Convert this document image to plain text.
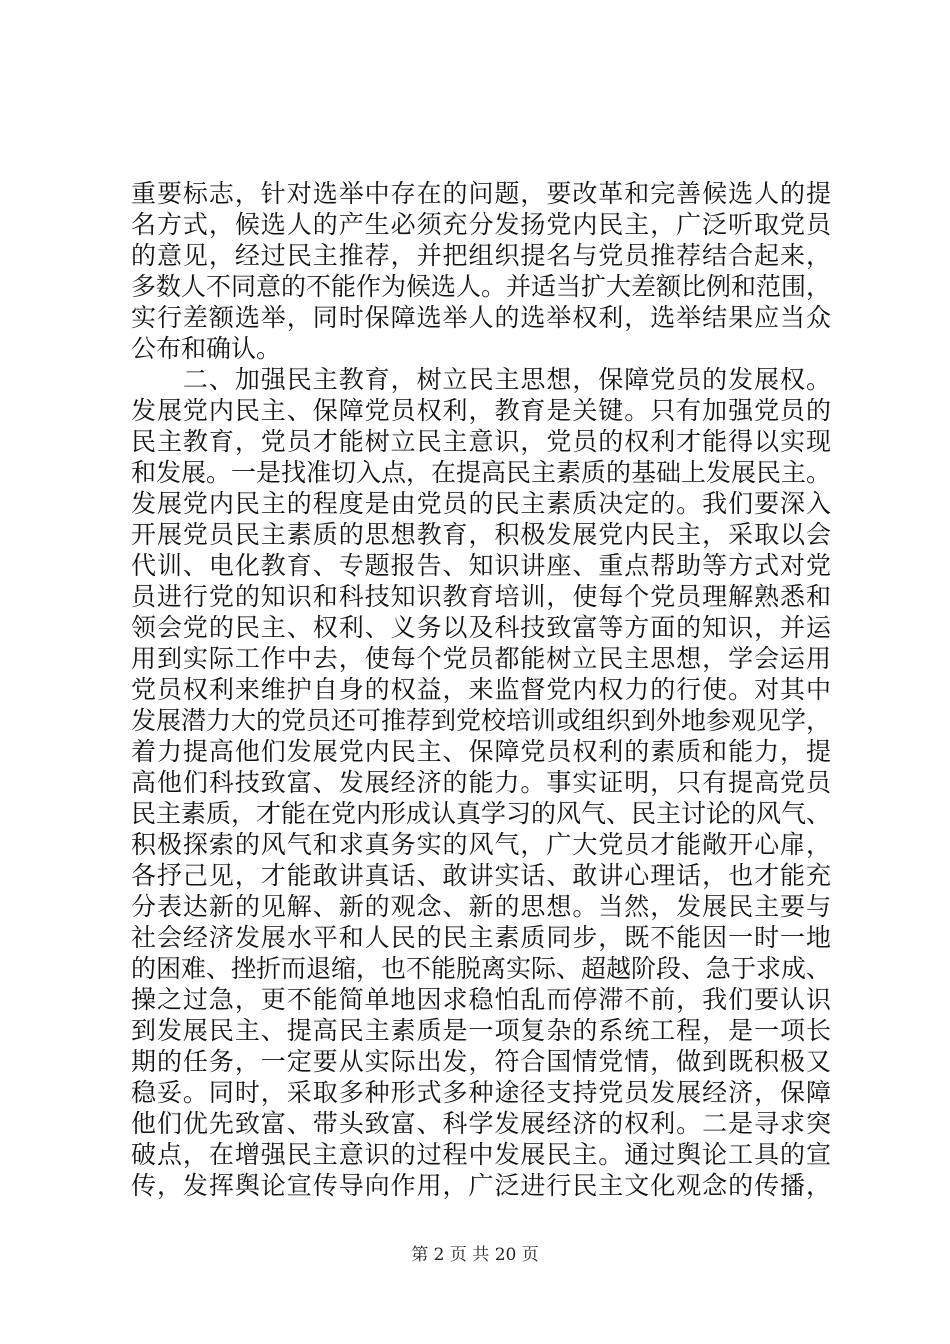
重要标志，针对选举中存在的问题，要改革和完善候选人的提
名方式，候选人的产生必须充分发扬党内民主，广泛听取党员
的意见，经过民主推荐，并把组织提名与党员推荐结合起来，
多数人不同意的不能作为候选人。并适当扩大差额比例和范围，
实行差额选举，同时保障选举人的选举权利，选举结果应当众
公布和确认。
　　二、加强民主教育，树立民主思想，保障党员的发展权。
发展党内民主、保障党员权利，教育是关键。只有加强党员的
民主教育，党员才能树立民主意识，党员的权利才能得以实现
和发展。一是找准切入点，在提高民主素质的基础上发展民主。
发展党内民主的程度是由党员的民主素质决定的。我们要深入
开展党员民主素质的思想教育，积极发展党内民主，采取以会
代训、电化教育、专题报告、知识讲座、重点帮助等方式对党
员进行党的知识和科技知识教育培训，使每个党员理解熟悉和
领会党的民主、权利、义务以及科技致富等方面的知识，并运
用到实际工作中去，使每个党员都能树立民主思想，学会运用
党员权利来维护自身的权益，来监督党内权力的行使。对其中
发展潜力大的党员还可推荐到党校培训或组织到外地参观见学，
着力提高他们发展党内民主、保障党员权利的素质和能力，提
高他们科技致富、发展经济的能力。事实证明，只有提高党员
民主素质，才能在党内形成认真学习的风气、民主讨论的风气、
积极探索的风气和求真务实的风气，广大党员才能敞开心扉，
各抒己见，才能敢讲真话、敢讲实话、敢讲心理话，也才能充
分表达新的见解、新的观念、新的思想。当然，发展民主要与
社会经济发展水平和人民的民主素质同步，既不能因一时一地
的困难、挫折而退缩，也不能脱离实际、超越阶段、急于求成、
操之过急，更不能简单地因求稳怕乱而停滞不前，我们要认识
到发展民主、提高民主素质是一项复杂的系统工程，是一项长
期的任务，一定要从实际出发，符合国情党情，做到既积极又
稳妥。同时，采取多种形式多种途径支持党员发展经济，保障
他们优先致富、带头致富、科学发展经济的权利。二是寻求突
破点，在增强民主意识的过程中发展民主。通过舆论工具的宣
传，发挥舆论宣传导向作用，广泛进行民主文化观念的传播，
第 2 页 共 20 页
